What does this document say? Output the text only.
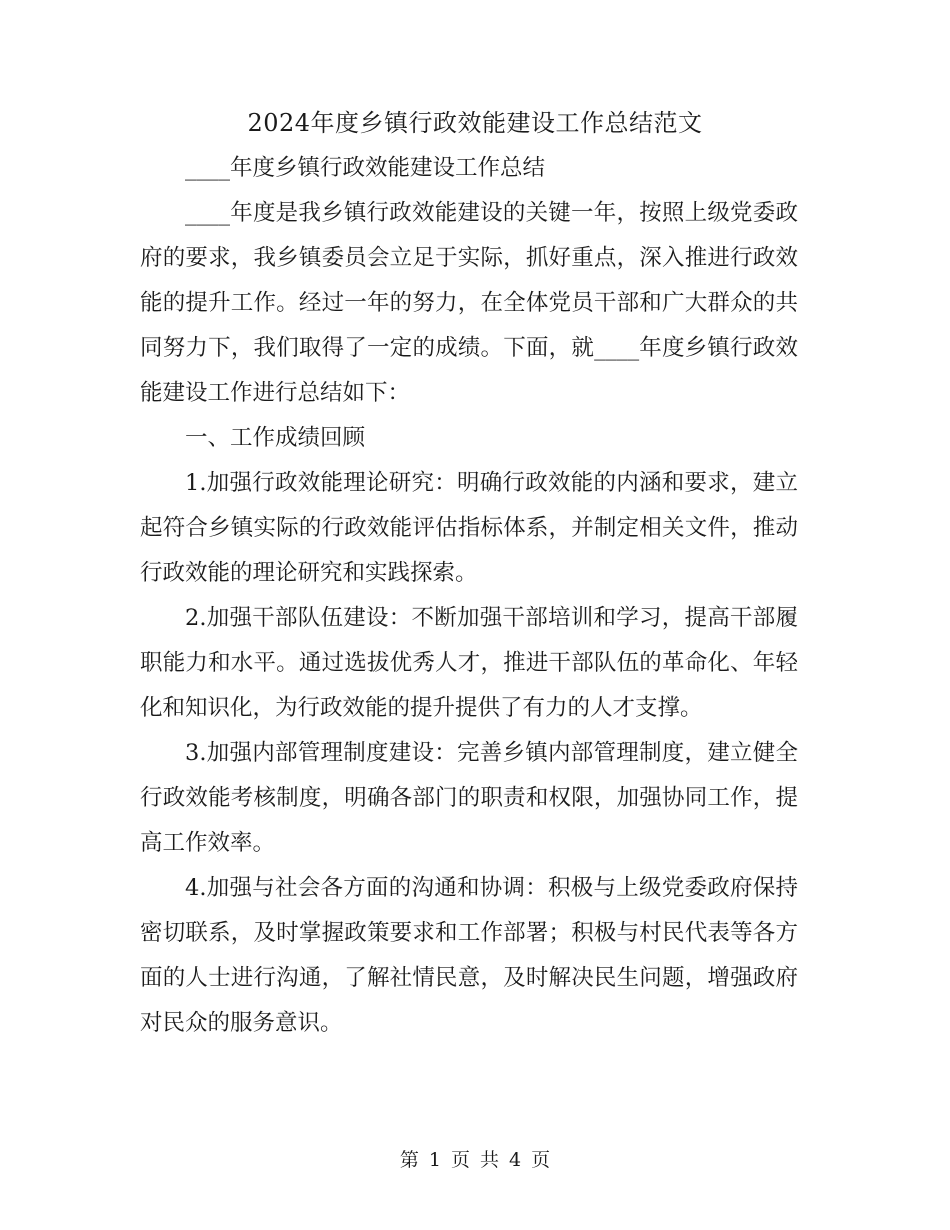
2024年度乡镇行政效能建设工作总结范文

____年度乡镇行政效能建设工作总结

____年度是我乡镇行政效能建设的关键一年，按照上级党委政府的要求，我乡镇委员会立足于实际，抓好重点，深入推进行政效能的提升工作。经过一年的努力，在全体党员干部和广大群众的共同努力下，我们取得了一定的成绩。下面，就____年度乡镇行政效能建设工作进行总结如下：

一、工作成绩回顾

1.加强行政效能理论研究：明确行政效能的内涵和要求，建立起符合乡镇实际的行政效能评估指标体系，并制定相关文件，推动行政效能的理论研究和实践探索。

2.加强干部队伍建设：不断加强干部培训和学习，提高干部履职能力和水平。通过选拔优秀人才，推进干部队伍的革命化、年轻化和知识化，为行政效能的提升提供了有力的人才支撑。

3.加强内部管理制度建设：完善乡镇内部管理制度，建立健全行政效能考核制度，明确各部门的职责和权限，加强协同工作，提高工作效率。

4.加强与社会各方面的沟通和协调：积极与上级党委政府保持密切联系，及时掌握政策要求和工作部署；积极与村民代表等各方面的人士进行沟通，了解社情民意，及时解决民生问题，增强政府对民众的服务意识。

第 1 页 共 4 页
